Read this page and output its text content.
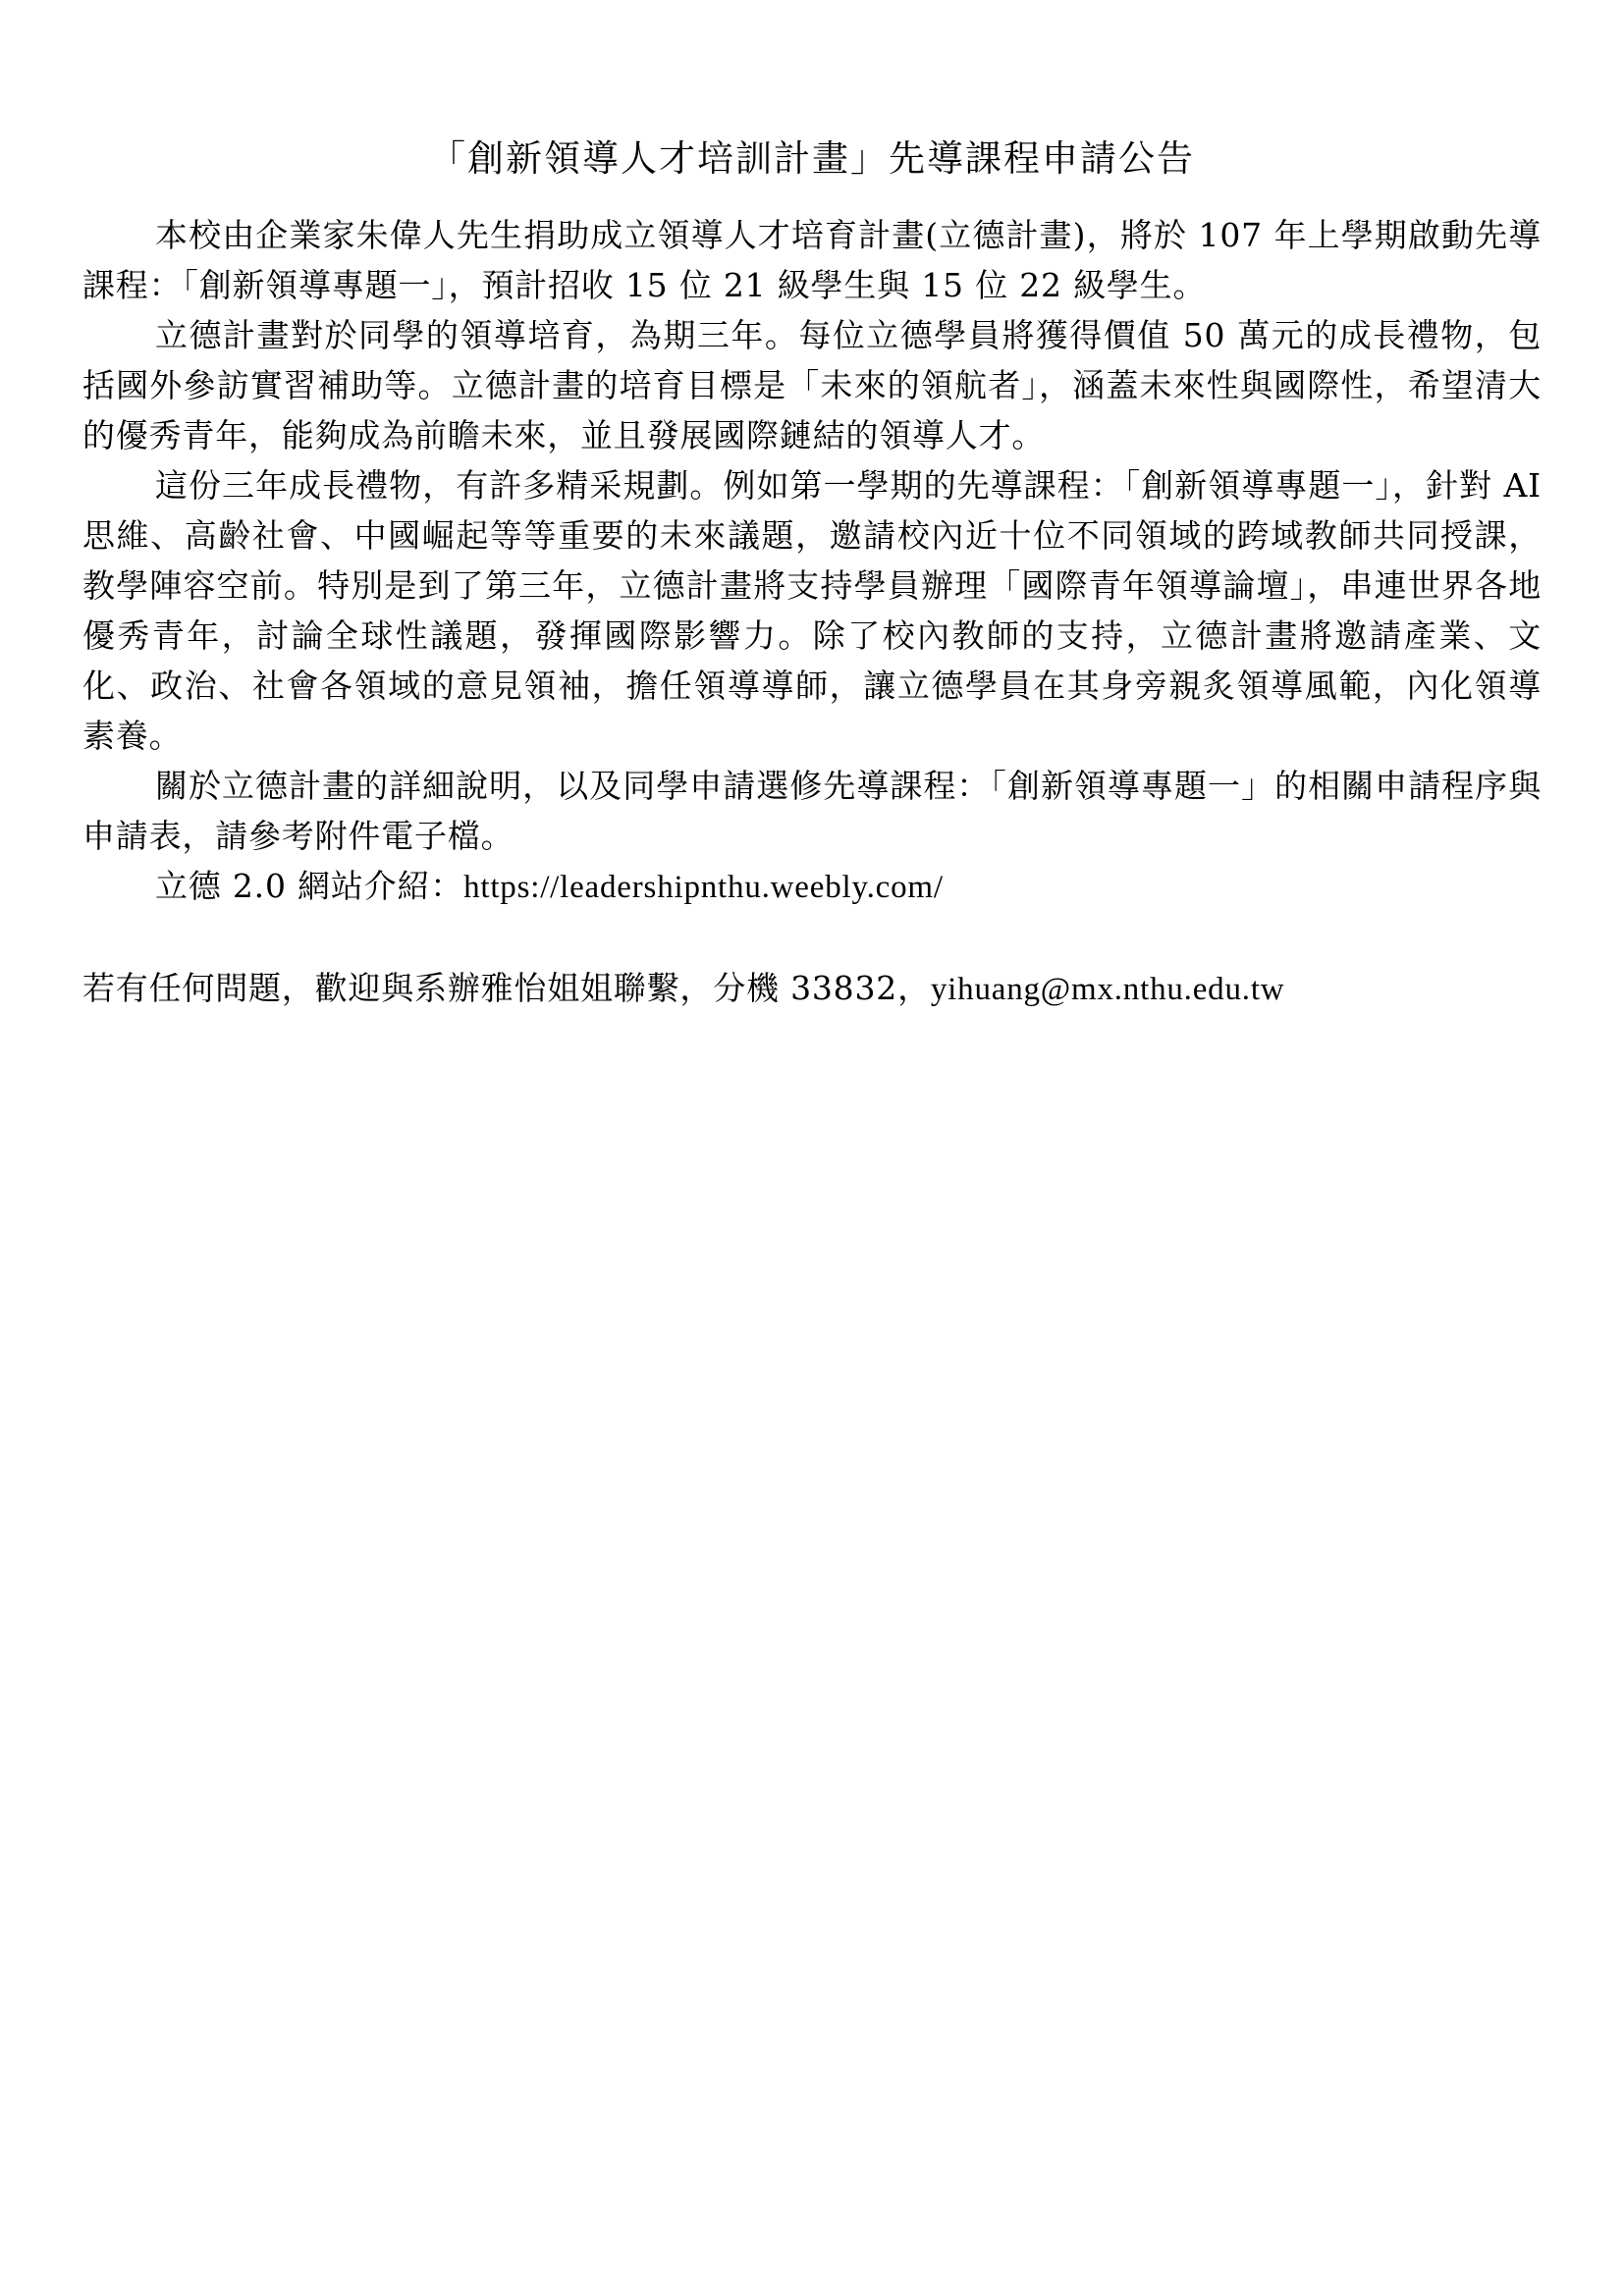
「創新領導人才培訓計畫」先導課程申請公告

本校由企業家朱偉人先生捐助成立領導人才培育計畫(立德計畫)，將於 107 年上學期啟動先導課程：「創新領導專題一」，預計招收 15 位 21 級學生與 15 位 22 級學生。

立德計畫對於同學的領導培育，為期三年。每位立德學員將獲得價值 50 萬元的成長禮物，包括國外參訪實習補助等。立德計畫的培育目標是「未來的領航者」，涵蓋未來性與國際性，希望清大的優秀青年，能夠成為前瞻未來，並且發展國際鏈結的領導人才。

這份三年成長禮物，有許多精采規劃。例如第一學期的先導課程：「創新領導專題一」，針對 AI 思維、高齡社會、中國崛起等等重要的未來議題，邀請校內近十位不同領域的跨域教師共同授課，教學陣容空前。特別是到了第三年，立德計畫將支持學員辦理「國際青年領導論壇」，串連世界各地優秀青年，討論全球性議題，發揮國際影響力。除了校內教師的支持，立德計畫將邀請產業、文化、政治、社會各領域的意見領袖，擔任領導導師，讓立德學員在其身旁親炙領導風範，內化領導素養。

關於立德計畫的詳細說明，以及同學申請選修先導課程：「創新領導專題一」的相關申請程序與申請表，請參考附件電子檔。

立德 2.0 網站介紹：https://leadershipnthu.weebly.com/

若有任何問題，歡迎與系辦雅怡姐姐聯繫，分機 33832，yihuang@mx.nthu.edu.tw
